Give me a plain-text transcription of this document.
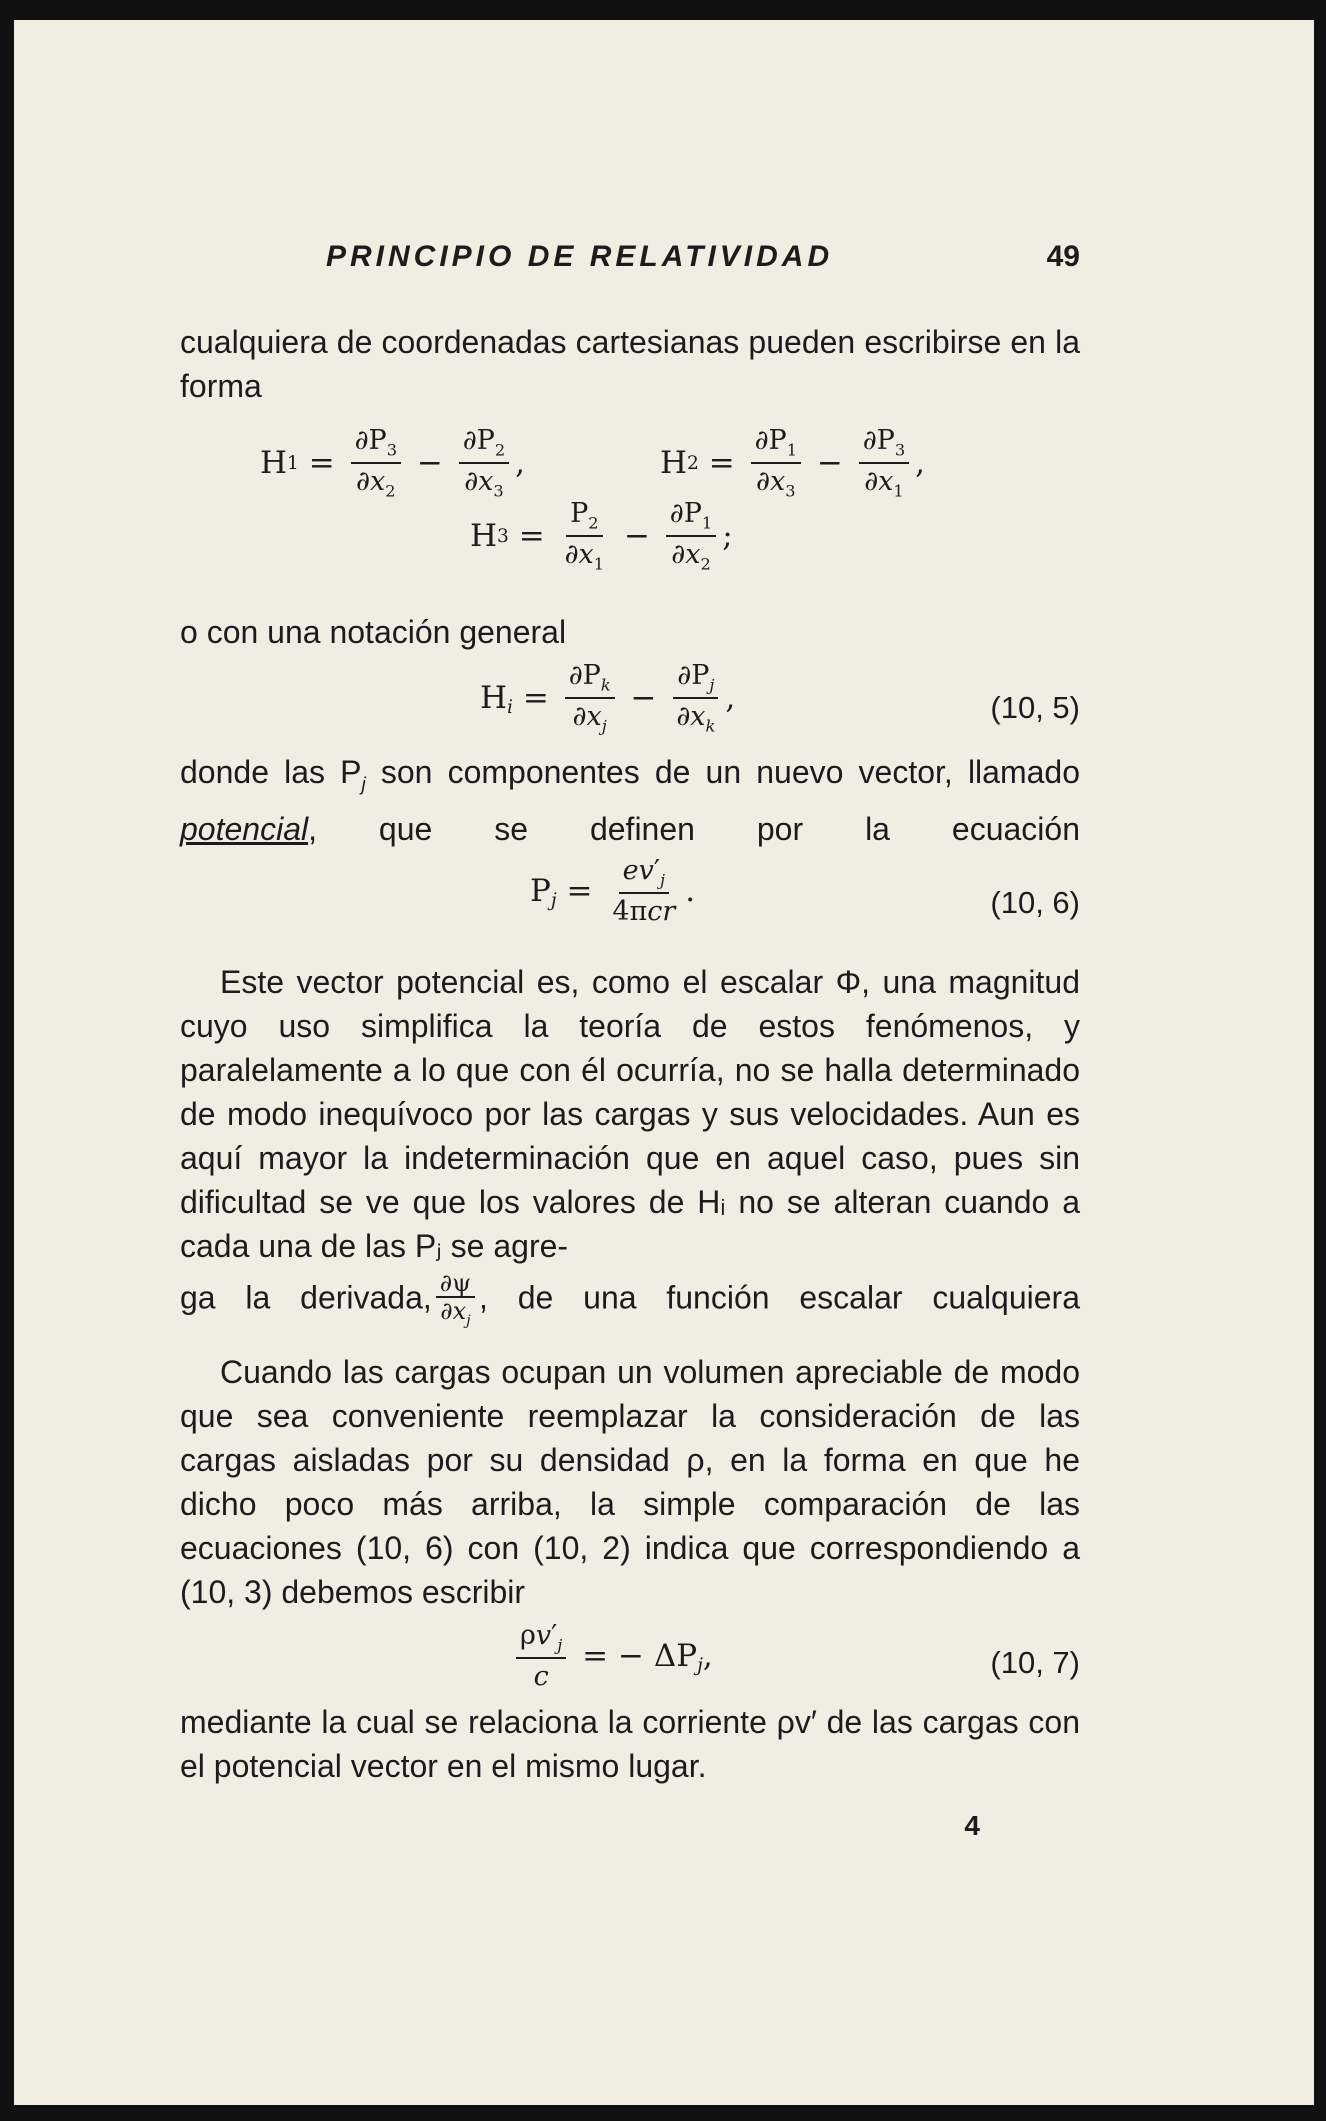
PRINCIPIO DE RELATIVIDAD	49

cualquiera de coordenadas cartesianas pueden escribirse en la forma

H $1 = \frac{\partial P_3}{\partial x_2} - \frac{\partial P_2}{\partial x_3}$ ,	H $2 = \frac{\partial P_1}{\partial x_3} - \frac{\partial P_3}{\partial x_1}$ ,
H $3 = \frac{P_2}{\partial x_1} - \frac{\partial P_1}{\partial x_2}$ ;

o con una notación general

H $_i = \frac{\partial P_k}{\partial x_j} - \frac{\partial P_j}{\partial x_k}$ ,	(10, 5)

donde las $P_j$ son componentes de un nuevo vector, llamado potencial, que se definen por la ecuación

P $_j = \frac{ev'_j}{\text{4πcr}}$ .	(10, 6)

Este vector potencial es, como el escalar Φ, una magnitud cuyo uso simplifica la teoría de estos fenómenos, y paralelamente a lo que con él ocurría, no se halla determinado de modo inequívoco por las cargas y sus velocidades. Aun es aquí mayor la indeterminación que en aquel caso, pues sin dificultad se ve que los valores de Hᵢ no se alteran cuando a cada una de las Pⱼ se agre-

ga la derivada, $\frac{\partial\psi}{\partial x_j}$ , de una función escalar cualquiera

Cuando las cargas ocupan un volumen apreciable de modo que sea conveniente reemplazar la consideración de las cargas aisladas por su densidad ρ, en la forma en que he dicho poco más arriba, la simple comparación de las ecuaciones (10, 6) con (10, 2) indica que correspondiendo a (10, 3) debemos escribir

$\frac{\rho v'_j}{c}$ = − ΔP $_j$ ,	(10, 7)

mediante la cual se relaciona la corriente ρv′ de las cargas con el potencial vector en el mismo lugar.

4
